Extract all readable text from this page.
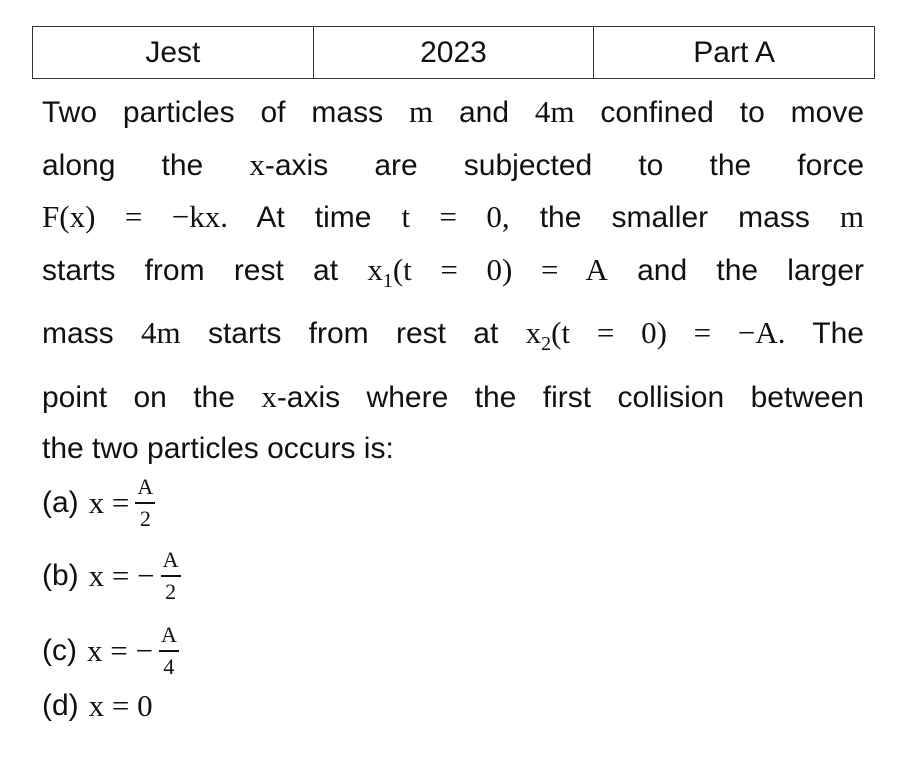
Jest	2023	Part A

Two particles of mass m and 4m confined to move

along the x-axis are subjected to the force

F(x) = −kx. At time t = 0, the smaller mass m

starts from rest at $x_1(t = 0) = A$ and the larger

mass 4m starts from rest at $x_2(t = 0) = -A$. The

point on the x-axis where the first collision between

the two particles occurs is:

(a) $x = \frac{A}{2}$
(b) x = − $\frac{A}{2}$
(c) x = − $\frac{A}{4}$
(d) x = 0
